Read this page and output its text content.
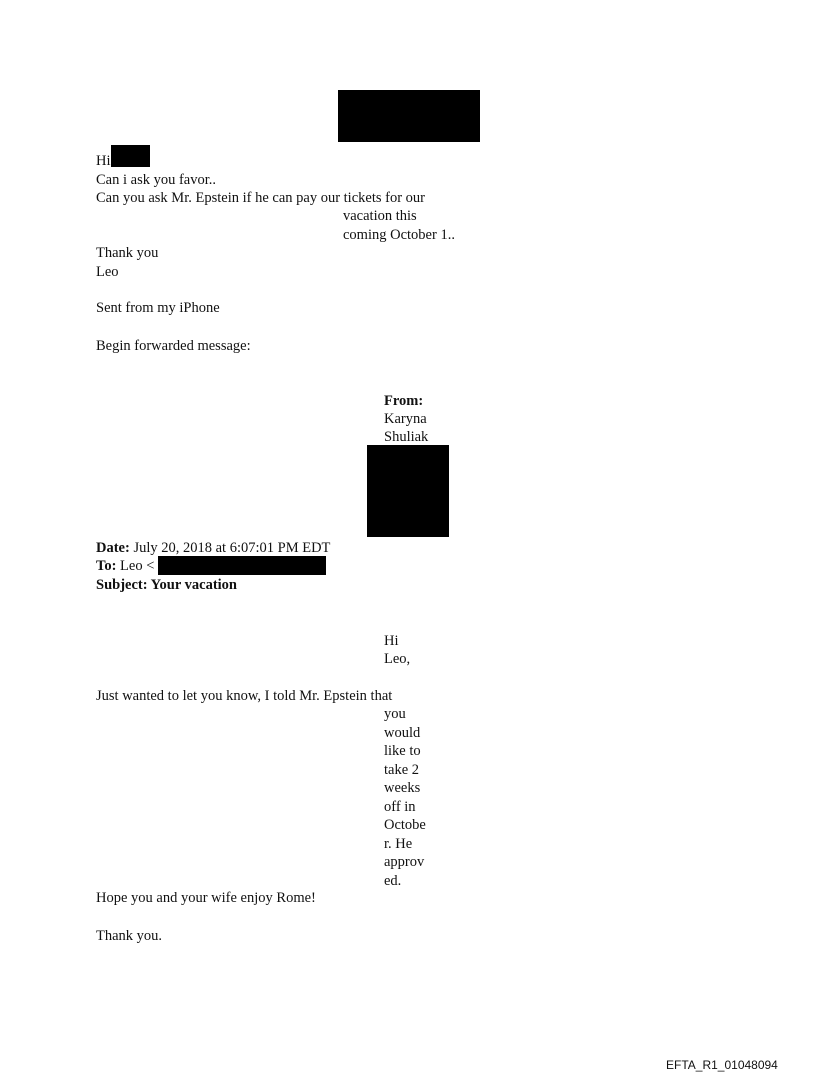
Hi
Can i ask you favor..
Can you ask Mr. Epstein if he can pay our tickets for our
vacation this
coming October 1..
Thank you
Leo
Sent from my iPhone
Begin forwarded message:
From:
Karyna
Shuliak
Date: July 20, 2018 at 6:07:01 PM EDT
To: Leo <
Subject: Your vacation
Hi
Leo,
Just wanted to let you know, I told Mr. Epstein that
you
would
like to
take 2
weeks
off in
Octobe
r. He
approv
ed.
Hope you and your wife enjoy Rome!
Thank you.
EFTA_R1_01048094
